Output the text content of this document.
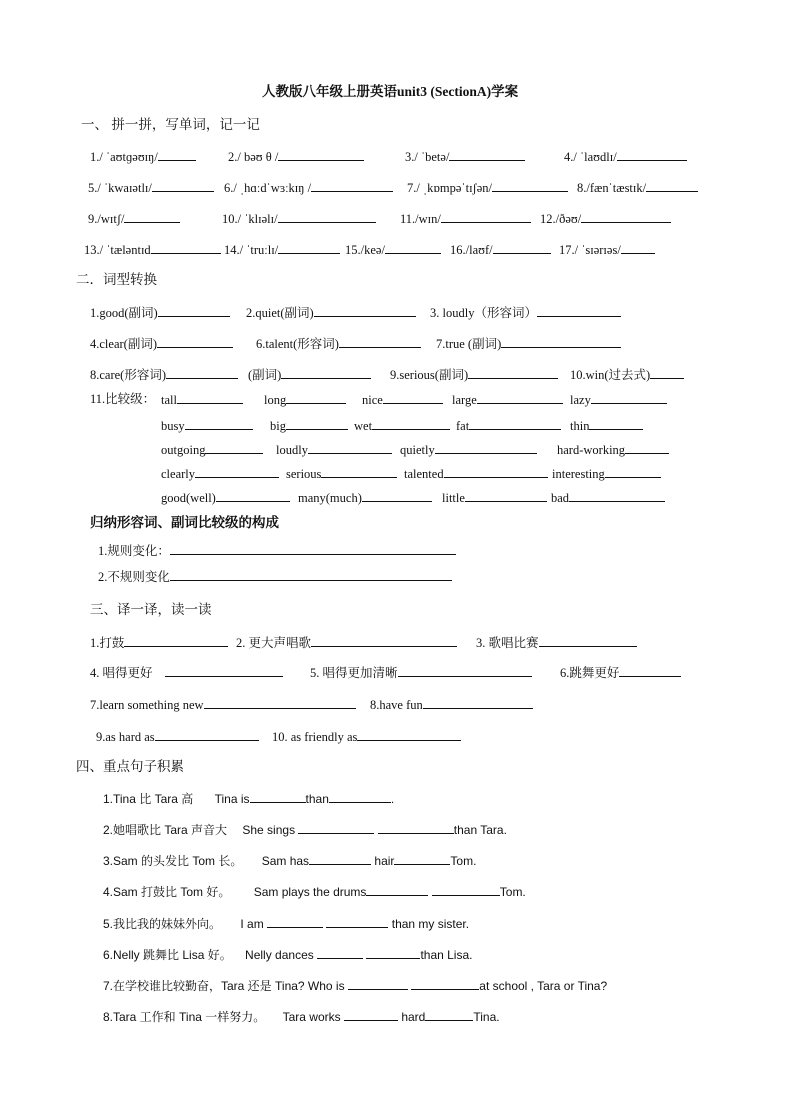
人教版八年级上册英语unit3 (SectionA)学案
一、 拼一拼，写单词，记一记
1./ ˈaʊtɡəʊɪŋ/	2./ bəʊ θ /	3./ ˈbetə/	4./ ˈlaʊdlɪ/
5./ ˈkwaɪətlɪ/	6./ ˌhɑːdˈwɜːkɪŋ /	7./ ˌkɒmpəˈtɪʃən/	8./fænˈtæstɪk/
9./wɪtʃ/	10./ ˈklɪəlɪ/	11./wɪn/	12./ðəʊ/
13./ ˈtæləntɪd	14./ ˈtruːlɪ/	15./keə/	16./laʊf/	17./ ˈsɪərɪəs/
二．词型转换
1.good(副词)	2.quiet(副词)	3. loudly（形容词）
4.clear(副词)	6.talent(形容词)	7.true (副词)
8.care(形容词)	(副词)	9.serious(副词)	10.win(过去式)
11.比较级： tall	long	nice	large	lazy
busy	big	wet	fat	thin
outgoing	loudly	quietly	hard-working
clearly	serious	talented	interesting
good(well)	many(much)	little	bad
归纳形容词、副词比较级的构成
1.规则变化：
2.不规则变化
三、译一译，读一读
1.打鼓	2. 更大声唱歌	3. 歌唱比赛
4. 唱得更好	5. 唱得更加清晰	6.跳舞更好
7.learn something new	8.have fun
9.as hard as	10. as friendly as
四、重点句子积累
1.Tina 比 Tara 高 Tina is	than	.
2.她唱歌比 Tara 声音大 She sings	than Tara.
3.Sam 的头发比 Tom 长。 Sam has	hair	Tom.
4.Sam 打鼓比 Tom 好。 Sam plays the drums	Tom.
5.我比我的妹妹外向。 I am	than my sister.
6.Nelly 跳舞比 Lisa 好。 Nelly dances	than Lisa.
7.在学校谁比较勤奋，Tara 还是 Tina? Who is	at school , Tara or Tina?
8.Tara 工作和 Tina 一样努力。 Tara works	hard	Tina.
